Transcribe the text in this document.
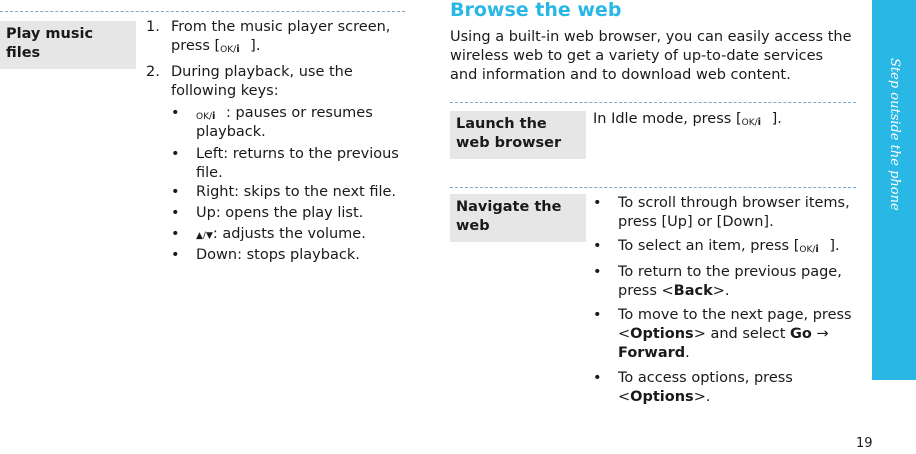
Play music files
1. From the music player screen,
press [OK/i ].
2. During playback, use the
following keys:
• OK/i : pauses or resumes
playback.
• Left: returns to the previous
file.
• Right: skips to the next file.
• Up: opens the play list.
• ▲/▼: adjusts the volume.
• Down: stops playback.
Browse the web
Using a built-in web browser, you can easily access the
wireless web to get a variety of up-to-date services
and information and to download web content.
Launch the
web browser
In Idle mode, press [OK/i ].
Navigate the
web
• To scroll through browser items,
press [Up] or [Down].
• To select an item, press [OK/i ].
• To return to the previous page,
press <Back>.
• To move to the next page, press
<Options> and select Go →
Forward.
• To access options, press
<Options>.
Step outside the phone
19
